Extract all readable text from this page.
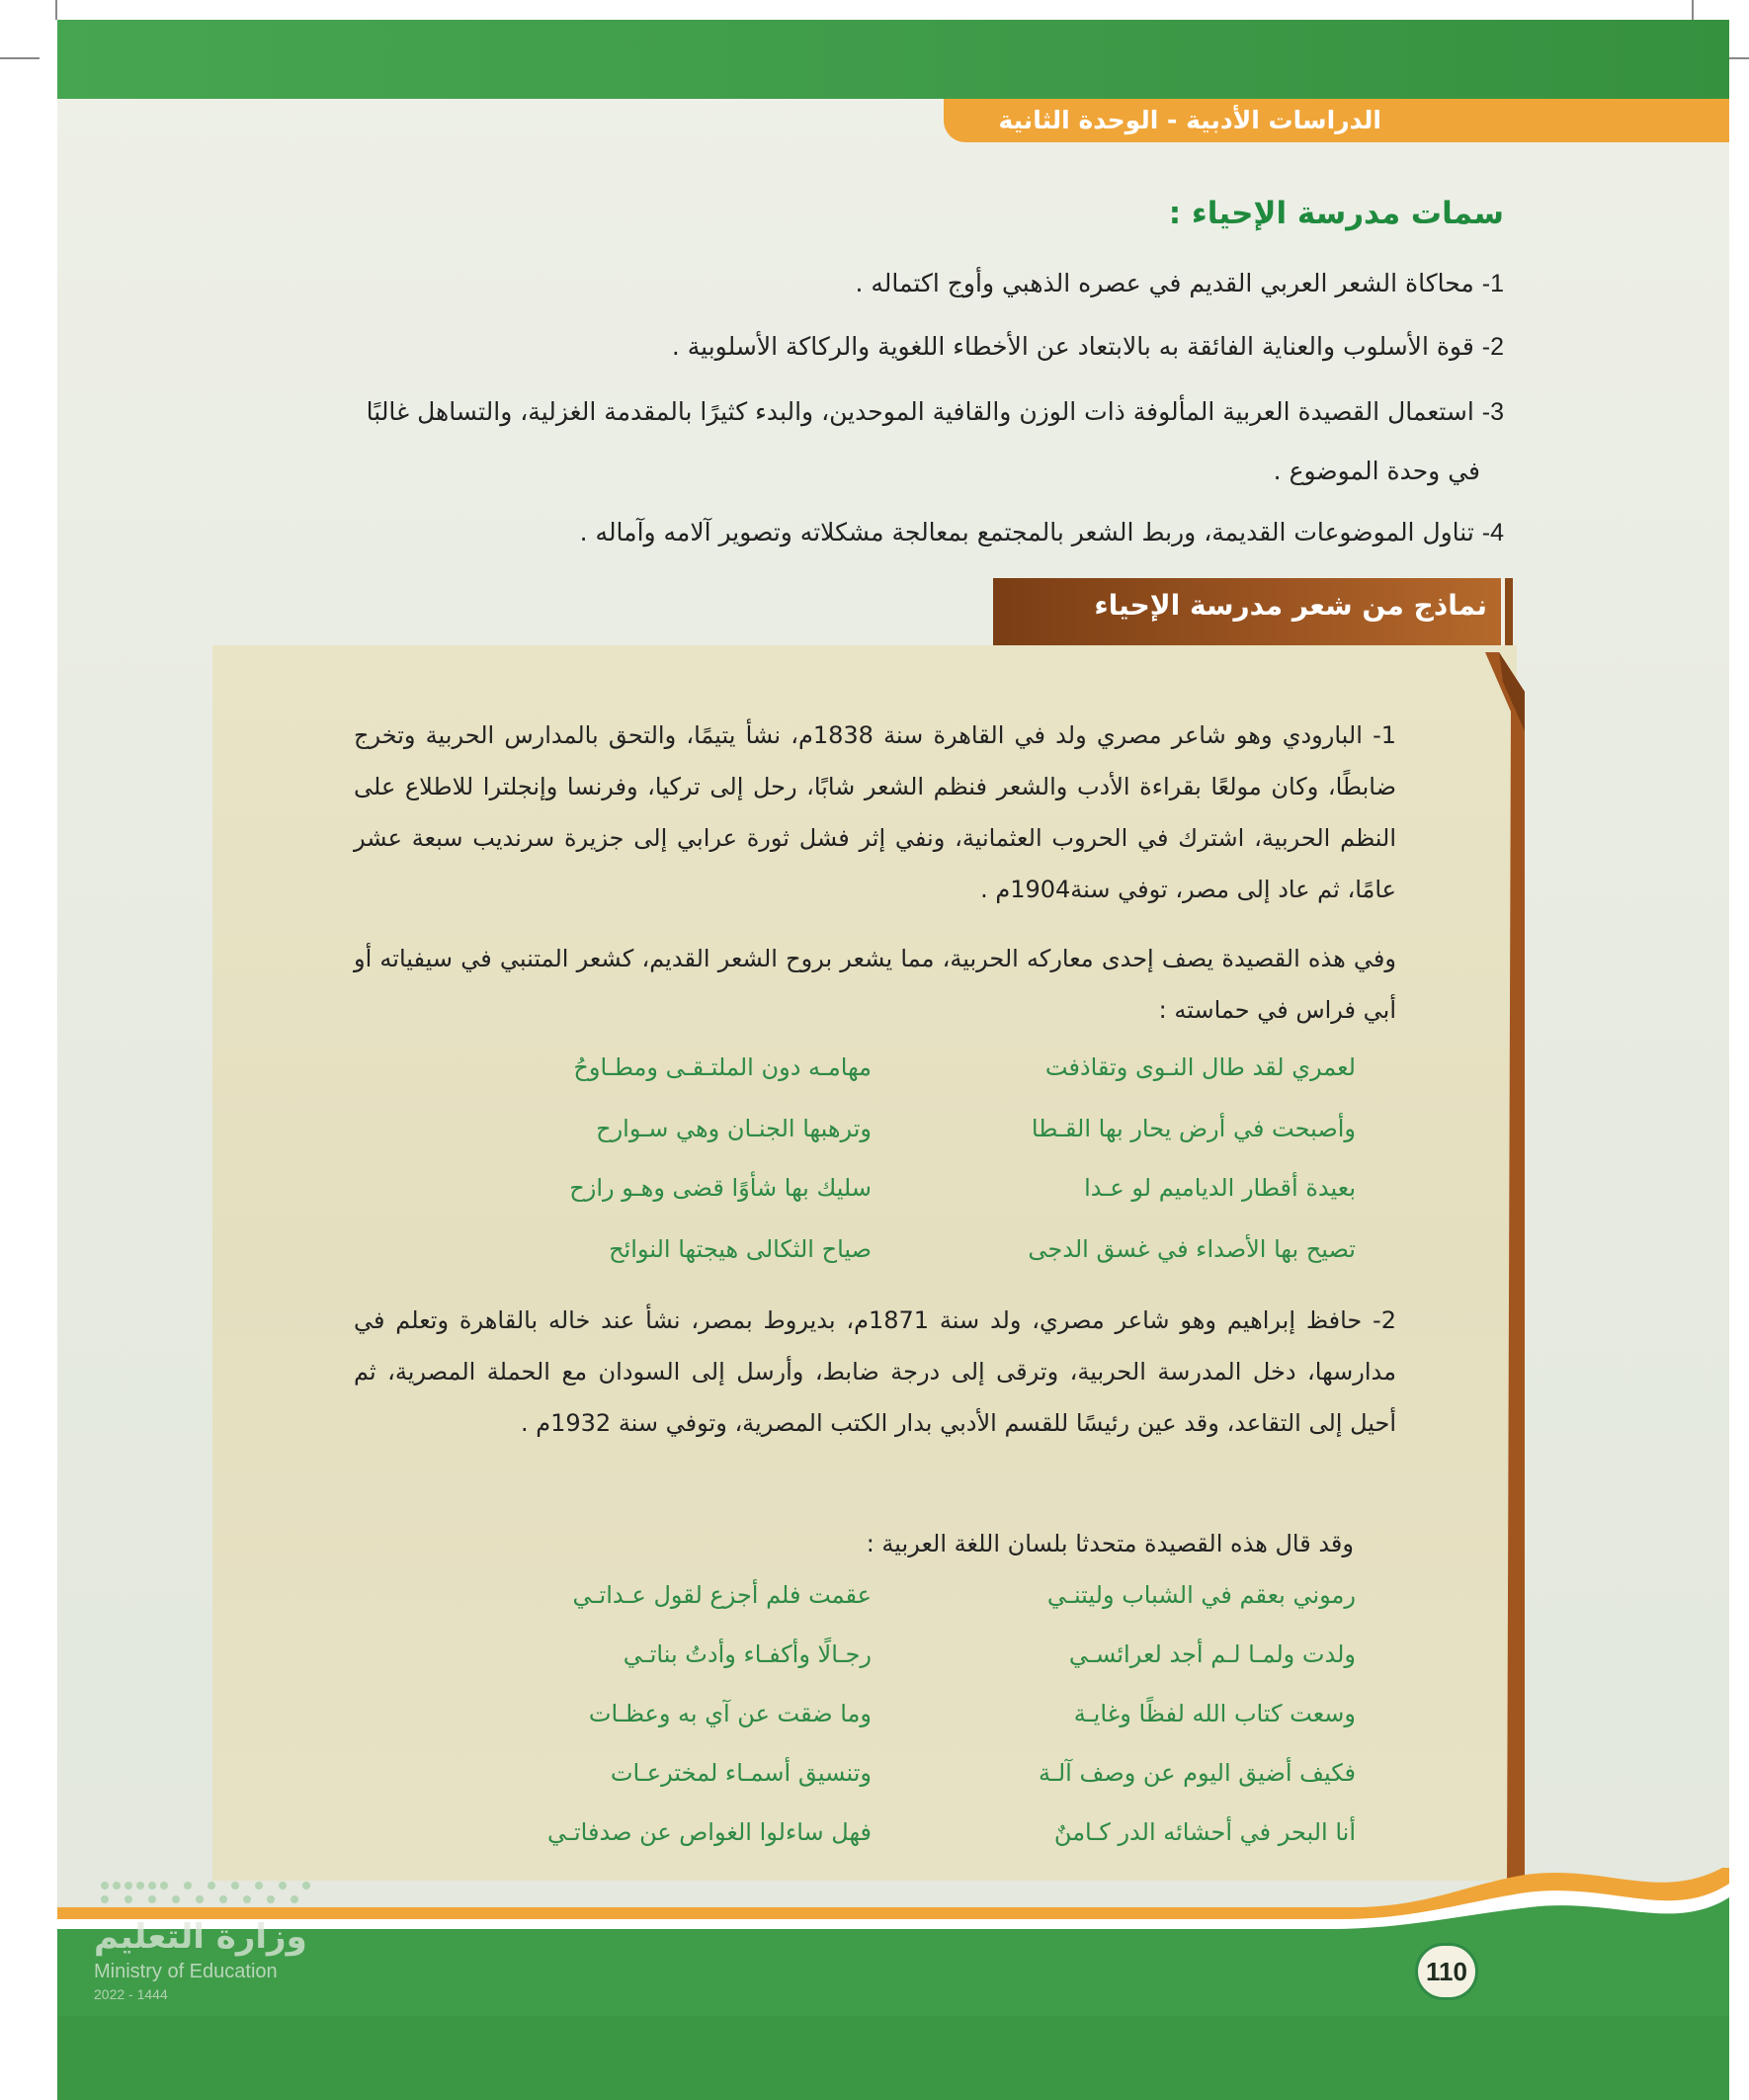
الدراسات الأدبية - الوحدة الثانية
سمات مدرسة الإحياء :
1- محاكاة الشعر العربي القديم في عصره الذهبي وأوج اكتماله .
2- قوة الأسلوب والعناية الفائقة به بالابتعاد عن الأخطاء اللغوية والركاكة الأسلوبية .
3- استعمال القصيدة العربية المألوفة ذات الوزن والقافية الموحدين، والبدء كثيرًا بالمقدمة الغزلية، والتساهل غالبًا
في وحدة الموضوع .
4- تناول الموضوعات القديمة، وربط الشعر بالمجتمع بمعالجة مشكلاته وتصوير آلامه وآماله .
نماذج من شعر مدرسة الإحياء
1- البارودي وهو شاعر مصري ولد في القاهرة سنة 1838م، نشأ يتيمًا، والتحق بالمدارس الحربية وتخرج ضابطًا، وكان مولعًا بقراءة الأدب والشعر فنظم الشعر شابًا، رحل إلى تركيا، وفرنسا وإنجلترا للاطلاع على النظم الحربية، اشترك في الحروب العثمانية، ونفي إثر فشل ثورة عرابي إلى جزيرة سرنديب سبعة عشر عامًا، ثم عاد إلى مصر، توفي سنة1904م .
وفي هذه القصيدة يصف إحدى معاركه الحربية، مما يشعر بروح الشعر القديم، كشعر المتنبي في سيفياته أو أبي فراس في حماسته :
لعمري لقد طال النـوى وتقاذفت
مهامـه دون الملتـقـى ومطـاوحُ
وأصبحت في أرض يحار بها القـطا
وترهبها الجنـان وهي سـوارح
بعيدة أقطار الدياميم لو عـدا
سليك بها شأوًا قضى وهـو رازح
تصيح بها الأصداء في غسق الدجى
صياح الثكالى هيجتها النوائح
2- حافظ إبراهيم وهو شاعر مصري، ولد سنة 1871م، بديروط بمصر، نشأ عند خاله بالقاهرة وتعلم في مدارسها، دخل المدرسة الحربية، وترقى إلى درجة ضابط، وأرسل إلى السودان مع الحملة المصرية، ثم أحيل إلى التقاعد، وقد عين رئيسًا للقسم الأدبي بدار الكتب المصرية، وتوفي سنة 1932م .
وقد قال هذه القصيدة متحدثا بلسان اللغة العربية :
رموني بعقم في الشباب وليتنـي
عقمت فلم أجزع لقول عـداتـي
ولدت ولمـا لـم أجد لعرائسـي
رجـالًا وأكفـاء وأدتُ بناتـي
وسعت كتاب الله لفظًا وغايـة
وما ضقت عن آي به وعظـات
فكيف أضيق اليوم عن وصف آلـة
وتنسيق أسمـاء لمخترعـات
أنا البحر في أحشائه الدر كـامنٌ
فهل ساءلوا الغواص عن صدفاتـي
وزارة التعليم
Ministry of Education
2022 - 1444
110
